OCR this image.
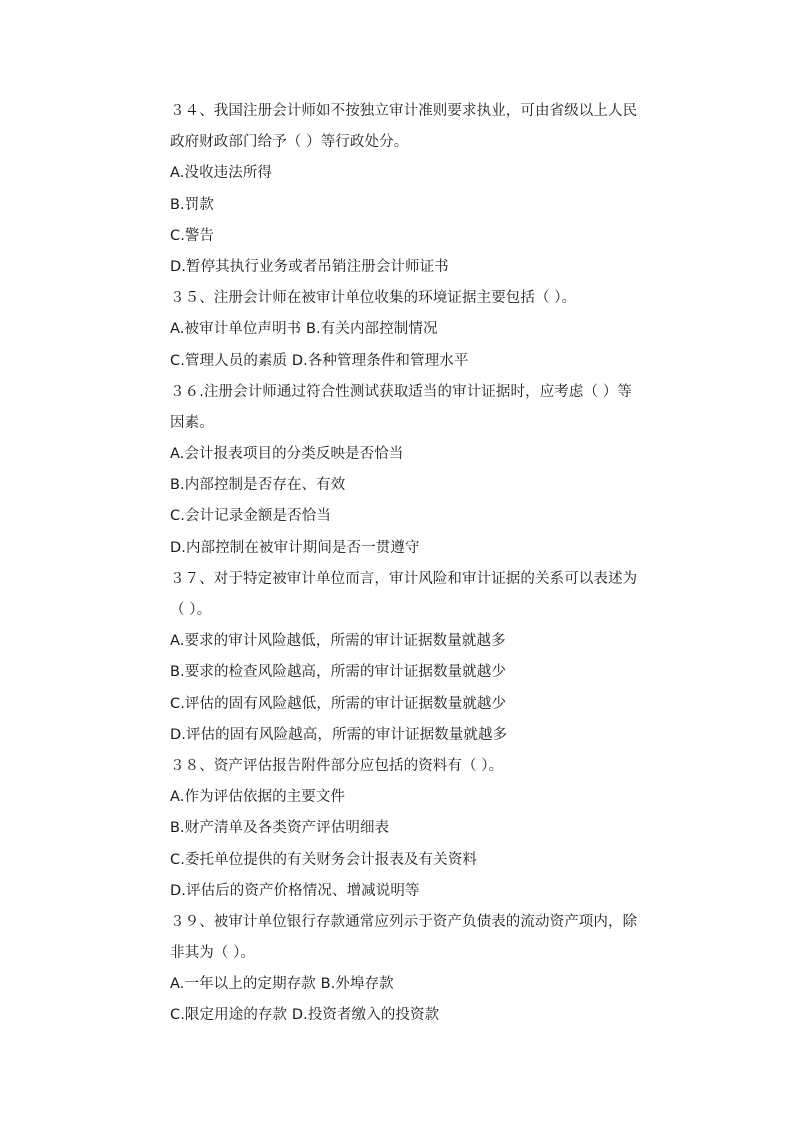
３４、我国注册会计师如不按独立审计准则要求执业，可由省级以上人民
政府财政部门给予（ ）等行政处分。
A.没收违法所得
B.罚款
C.警告
D.暂停其执行业务或者吊销注册会计师证书
３５、注册会计师在被审计单位收集的环境证据主要包括（ ）。
A.被审计单位声明书 B.有关内部控制情况
C.管理人员的素质 D.各种管理条件和管理水平
３６.注册会计师通过符合性测试获取适当的审计证据时，应考虑（ ）等
因素。
A.会计报表项目的分类反映是否恰当
B.内部控制是否存在、有效
C.会计记录金额是否恰当
D.内部控制在被审计期间是否一贯遵守
３７、对于特定被审计单位而言，审计风险和审计证据的关系可以表述为
（ ）。
A.要求的审计风险越低，所需的审计证据数量就越多
B.要求的检查风险越高，所需的审计证据数量就越少
C.评估的固有风险越低，所需的审计证据数量就越少
D.评估的固有风险越高，所需的审计证据数量就越多
３８、资产评估报告附件部分应包括的资料有（ ）。
A.作为评估依据的主要文件
B.财产清单及各类资产评估明细表
C.委托单位提供的有关财务会计报表及有关资料
D.评估后的资产价格情况、增减说明等
３９、被审计单位银行存款通常应列示于资产负债表的流动资产项内，除
非其为（ ）。
A.一年以上的定期存款 B.外埠存款
C.限定用途的存款 D.投资者缴入的投资款
